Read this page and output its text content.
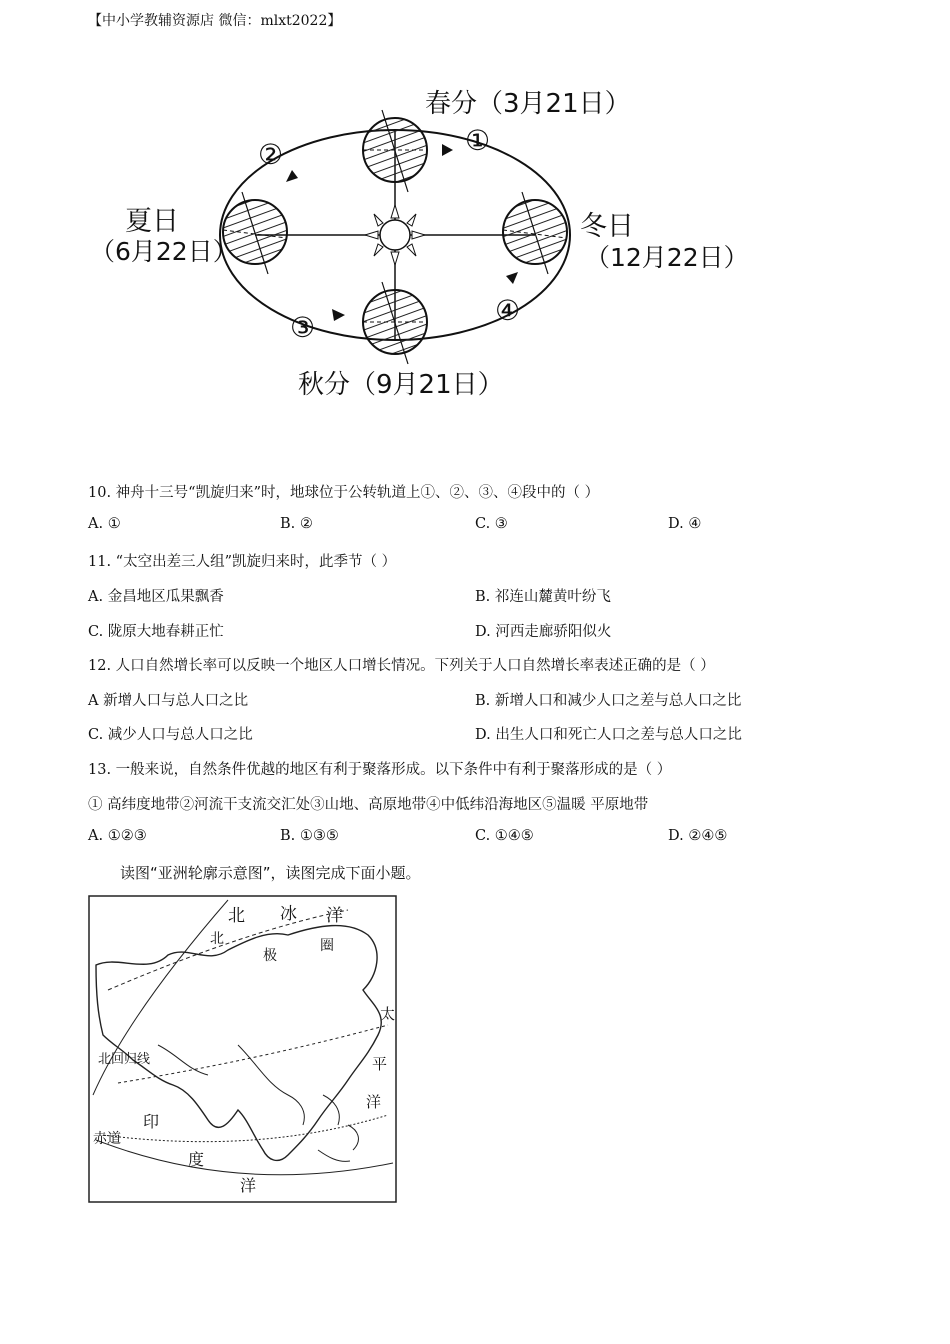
【中小学教辅资源店 微信：mlxt2022】
春分（3月21日）
夏日
（6月22日）
冬日
（12月22日）
秋分（9月21日）
①
②
③
④
10. 神舟十三号“凯旋归来”时，地球位于公转轨道上①、②、③、④段中的（ ）
A. ①	B. ②	C. ③	D. ④
11. “太空出差三人组”凯旋归来时，此季节（ ）
A. 金昌地区瓜果飘香	B. 祁连山麓黄叶纷飞
C. 陇原大地春耕正忙	D. 河西走廊骄阳似火
12. 人口自然增长率可以反映一个地区人口增长情况。下列关于人口自然增长率表述正确的是（ ）
A 新增人口与总人口之比	B. 新增人口和减少人口之差与总人口之比
C. 减少人口与总人口之比	D. 出生人口和死亡人口之差与总人口之比
13. 一般来说，自然条件优越的地区有利于聚落形成。以下条件中有利于聚落形成的是（ ）
① 高纬度地带②河流干支流交汇处③山地、高原地带④中低纬沿海地区⑤温暖 平原地带
A. ①②③	B. ①③⑤	C. ①④⑤	D. ②④⑤
读图“亚洲轮廓示意图”，读图完成下面小题。
北 冰 洋
北
极
圈
太
平
洋
北回归线
印
度
洋
赤道
